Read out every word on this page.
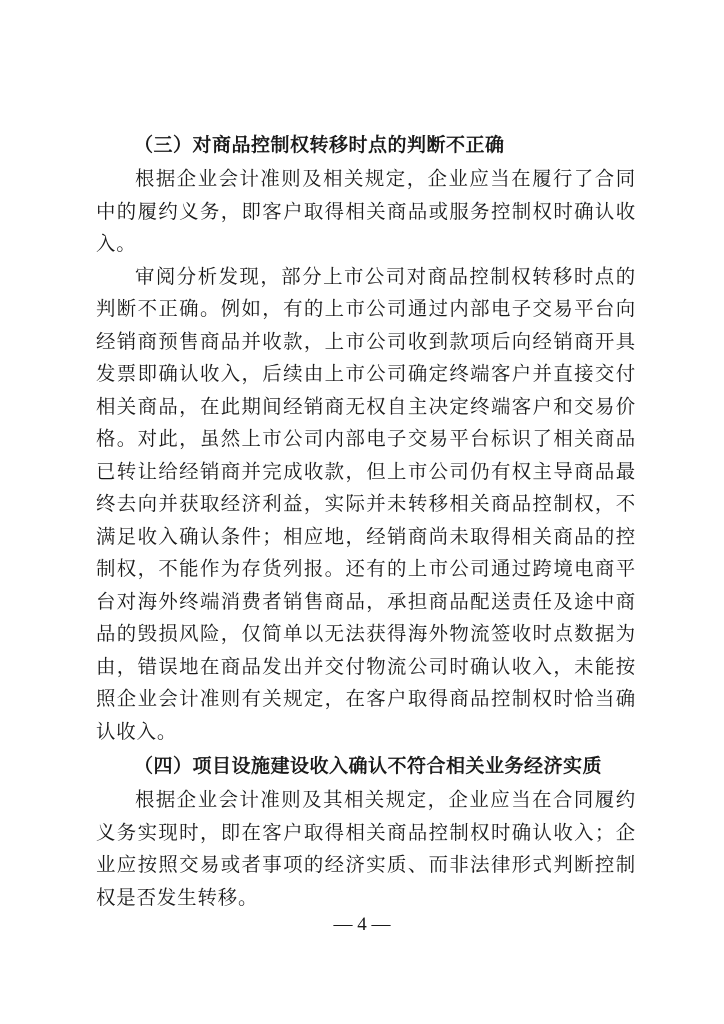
（三）对商品控制权转移时点的判断不正确

根据企业会计准则及相关规定，企业应当在履行了合同中的履约义务，即客户取得相关商品或服务控制权时确认收入。

审阅分析发现，部分上市公司对商品控制权转移时点的判断不正确。例如，有的上市公司通过内部电子交易平台向经销商预售商品并收款，上市公司收到款项后向经销商开具发票即确认收入，后续由上市公司确定终端客户并直接交付相关商品，在此期间经销商无权自主决定终端客户和交易价格。对此，虽然上市公司内部电子交易平台标识了相关商品已转让给经销商并完成收款，但上市公司仍有权主导商品最终去向并获取经济利益，实际并未转移相关商品控制权，不满足收入确认条件；相应地，经销商尚未取得相关商品的控制权，不能作为存货列报。还有的上市公司通过跨境电商平台对海外终端消费者销售商品，承担商品配送责任及途中商品的毁损风险，仅简单以无法获得海外物流签收时点数据为由，错误地在商品发出并交付物流公司时确认收入，未能按照企业会计准则有关规定，在客户取得商品控制权时恰当确认收入。

（四）项目设施建设收入确认不符合相关业务经济实质

根据企业会计准则及其相关规定，企业应当在合同履约义务实现时，即在客户取得相关商品控制权时确认收入；企业应按照交易或者事项的经济实质、而非法律形式判断控制权是否发生转移。

— 4 —
